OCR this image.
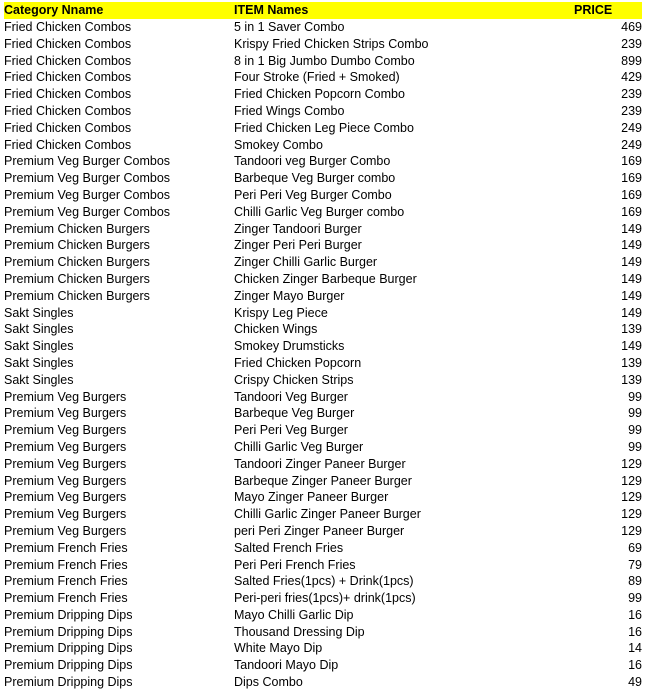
Category Nname	ITEM Names	PRICE
Fried Chicken Combos	5 in 1 Saver Combo	469
Fried Chicken Combos	Krispy Fried Chicken Strips Combo	239
Fried Chicken Combos	8 in 1 Big Jumbo Dumbo Combo	899
Fried Chicken Combos	Four Stroke (Fried + Smoked)	429
Fried Chicken Combos	Fried Chicken Popcorn Combo	239
Fried Chicken Combos	Fried Wings Combo	239
Fried Chicken Combos	Fried Chicken Leg Piece Combo	249
Fried Chicken Combos	Smokey Combo	249
Premium Veg Burger Combos	Tandoori veg Burger Combo	169
Premium Veg Burger Combos	Barbeque Veg Burger combo	169
Premium Veg Burger Combos	Peri Peri Veg Burger Combo	169
Premium Veg Burger Combos	Chilli Garlic Veg Burger combo	169
Premium Chicken Burgers	Zinger Tandoori Burger	149
Premium Chicken Burgers	Zinger Peri Peri Burger	149
Premium Chicken Burgers	Zinger Chilli Garlic Burger	149
Premium Chicken Burgers	Chicken Zinger Barbeque Burger	149
Premium Chicken Burgers	Zinger Mayo Burger	149
Sakt Singles	Krispy Leg Piece	149
Sakt Singles	Chicken Wings	139
Sakt Singles	Smokey Drumsticks	149
Sakt Singles	Fried Chicken Popcorn	139
Sakt Singles	Crispy Chicken Strips	139
Premium Veg Burgers	Tandoori Veg Burger	99
Premium Veg Burgers	Barbeque Veg Burger	99
Premium Veg Burgers	Peri Peri Veg Burger	99
Premium Veg Burgers	Chilli Garlic Veg Burger	99
Premium Veg Burgers	Tandoori Zinger Paneer Burger	129
Premium Veg Burgers	Barbeque Zinger Paneer Burger	129
Premium Veg Burgers	Mayo Zinger Paneer Burger	129
Premium Veg Burgers	Chilli Garlic Zinger Paneer Burger	129
Premium Veg Burgers	peri Peri Zinger Paneer Burger	129
Premium French Fries	Salted French Fries	69
Premium French Fries	Peri Peri French Fries	79
Premium French Fries	Salted Fries(1pcs) + Drink(1pcs)	89
Premium French Fries	Peri-peri fries(1pcs)+ drink(1pcs)	99
Premium Dripping Dips	Mayo Chilli Garlic Dip	16
Premium Dripping Dips	Thousand Dressing Dip	16
Premium Dripping Dips	White Mayo Dip	14
Premium Dripping Dips	Tandoori Mayo Dip	16
Premium Dripping Dips	Dips Combo	49
